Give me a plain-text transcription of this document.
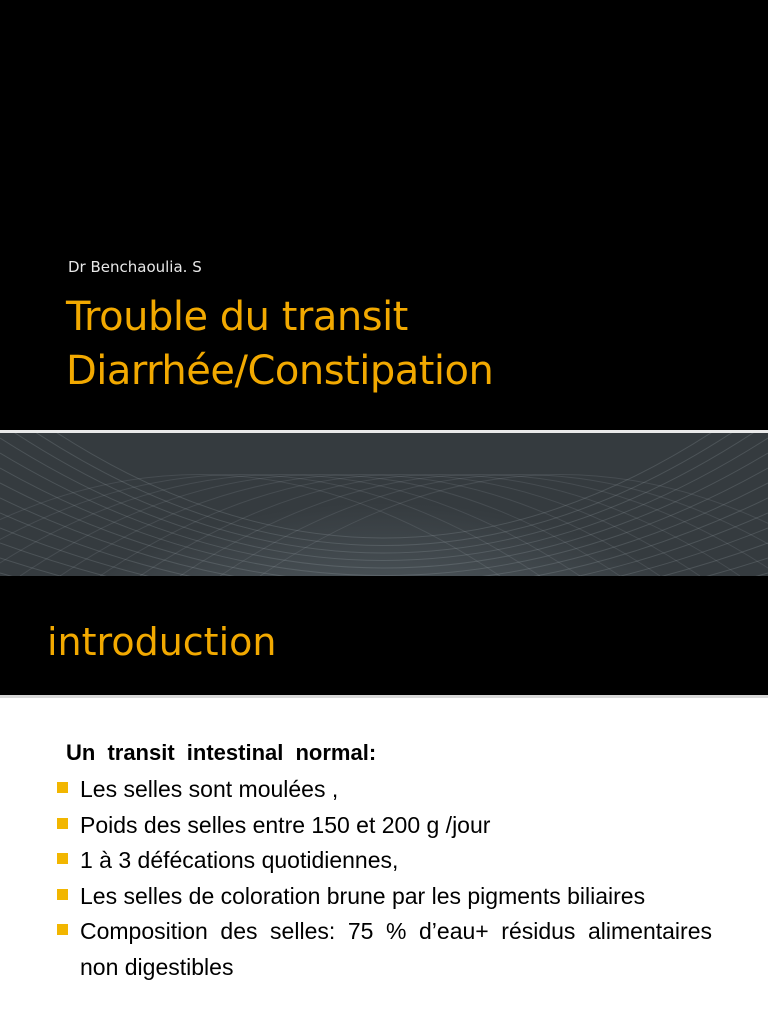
Dr Benchaoulia. S
Trouble du transit
Diarrhée/Constipation
introduction
Un transit intestinal normal:
Les selles sont moulées ,
Poids des selles entre 150 et 200 g /jour
1 à 3 défécations quotidiennes,
Les selles de coloration brune par les pigments biliaires
Composition des selles: 75 % d’eau+ résidus alimentaires non digestibles
